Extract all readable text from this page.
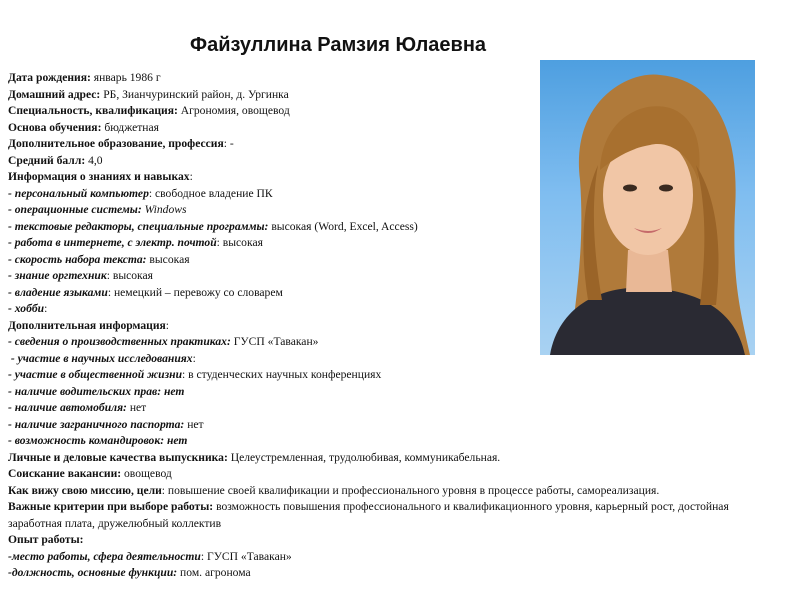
Файзуллина Рамзия Юлаевна
Дата рождения: январь 1986 г
Домашний адрес: РБ, Зианчуринский район, д. Ургинка
Специальность, квалификация: Агрономия, овощевод
Основа обучения: бюджетная
Дополнительное образование, профессия: -
Средний балл: 4,0
Информация о знаниях и навыках:
- персональный компьютер: свободное владение ПК
- операционные системы: Windows
- текстовые редакторы, специальные программы: высокая (Word, Excel, Access)
- работа в интернете, с электр. почтой: высокая
- скорость набора текста: высокая
- знание оргтехник: высокая
- владение языками: немецкий – перевожу со словарем
- хобби:
Дополнительная информация:
- сведения о производственных практиках: ГУСП «Тавакан»
- участие в научных исследованиях:
- участие в общественной жизни: в студенческих научных конференциях
- наличие водительских прав: нет
- наличие автомобиля: нет
- наличие заграничного паспорта: нет
- возможность командировок: нет
Личные и деловые качества выпускника: Целеустремленная, трудолюбивая, коммуникабельная.
Соискание вакансии: овощевод
Как вижу свою миссию, цели: повышение своей квалификации и профессионального уровня в процессе работы, самореализация.
Важные критерии при выборе работы: возможность повышения профессионального и квалификационного уровня, карьерный рост, достойная заработная плата, дружелюбный коллектив
Опыт работы:
-место работы, сфера деятельности: ГУСП «Тавакан»
-должность, основные функции: пом. агронома
